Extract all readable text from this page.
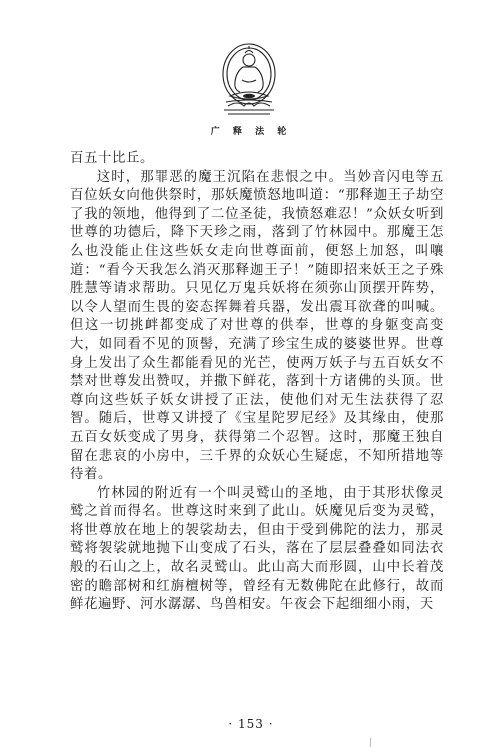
广 释 法 轮

百五十比丘。

这时，那罪恶的魔王沉陷在悲恨之中。当妙音闪电等五百位妖女向他供祭时，那妖魔愤怒地叫道：“那释迦王子劫空了我的领地，他得到了二位圣徒，我愤怒难忍！”众妖女听到世尊的功德后，降下天珍之雨，落到了竹林园中。那魔王怎么也没能止住这些妖女走向世尊面前，便怒上加怒，叫嚷道：“看今天我怎么消灭那释迦王子！”随即招来妖王之子殊胜慧等请求帮助。只见亿万鬼兵妖将在须弥山顶摆开阵势，以令人望而生畏的姿态挥舞着兵器，发出震耳欲聋的叫喊。但这一切挑衅都变成了对世尊的供奉，世尊的身躯变高变大，如同看不见的顶髻，充满了珍宝生成的婆婆世界。世尊身上发出了众生都能看见的光芒，使两万妖子与五百妖女不禁对世尊发出赞叹，并撒下鲜花，落到十方诸佛的头顶。世尊向这些妖子妖女讲授了正法，使他们对无生法获得了忍智。随后，世尊又讲授了《宝星陀罗尼经》及其缘由，使那五百女妖变成了男身，获得第二个忍智。这时，那魔王独自留在悲哀的小房中，三千界的众妖心生疑虑，不知所措地等待着。

竹林园的附近有一个叫灵鹫山的圣地，由于其形状像灵鹫之首而得名。世尊这时来到了此山。妖魔见后变为灵鹫，将世尊放在地上的袈裟劫去，但由于受到佛陀的法力，那灵鹫将袈裟就地抛下山变成了石头，落在了层层叠叠如同法衣般的石山之上，故名灵鹫山。此山高大而形圆，山中长着茂密的瞻部树和红旃檀树等，曾经有无数佛陀在此修行，故而鲜花遍野、河水潺潺、鸟兽相安。午夜会下起细细小雨，天

· 153 ·
